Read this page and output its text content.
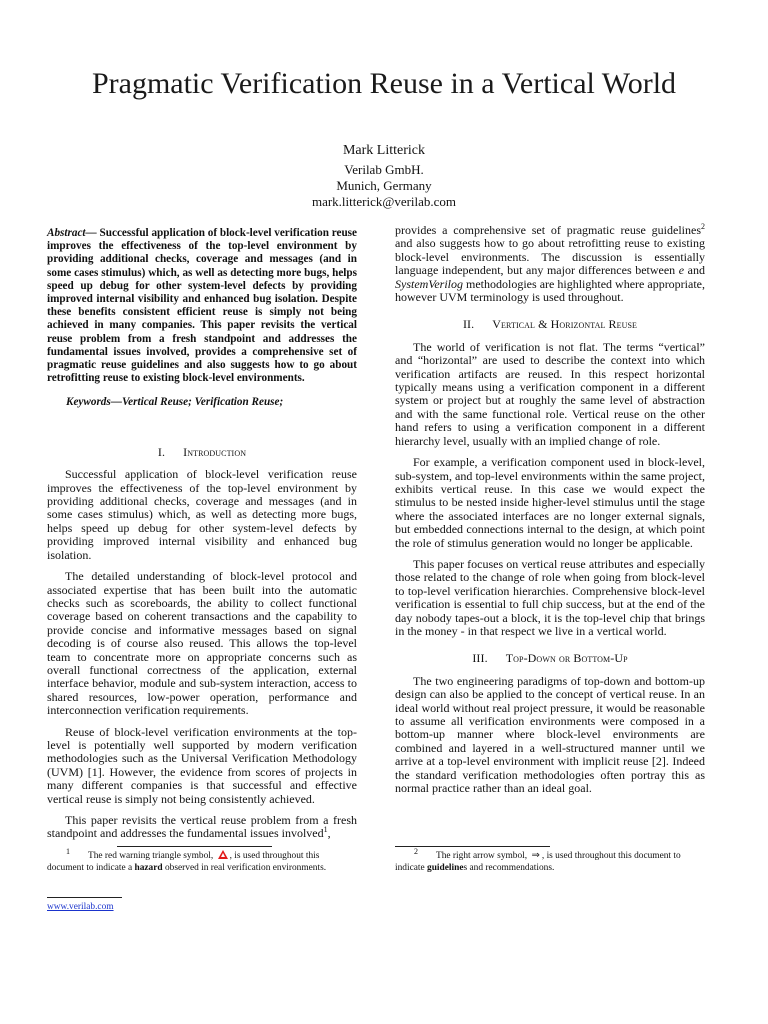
Pragmatic Verification Reuse in a Vertical World
Mark Litterick
Verilab GmbH.
Munich, Germany
mark.litterick@verilab.com

Abstract— Successful application of block-level verification reuse improves the effectiveness of the top-level environment by providing additional checks, coverage and messages (and in some cases stimulus) which, as well as detecting more bugs, helps speed up debug for other system-level defects by providing improved internal visibility and enhanced bug isolation. Despite these benefits consistent efficient reuse is simply not being achieved in many companies. This paper revisits the vertical reuse problem from a fresh standpoint and addresses the fundamental issues involved, provides a comprehensive set of pragmatic reuse guidelines and also suggests how to go about retrofitting reuse to existing block-level environments.

Keywords—Vertical Reuse; Verification Reuse;

I. Introduction

Successful application of block-level verification reuse improves the effectiveness of the top-level environment by providing additional checks, coverage and messages (and in some cases stimulus) which, as well as detecting more bugs, helps speed up debug for other system-level defects by providing improved internal visibility and enhanced bug isolation.

The detailed understanding of block-level protocol and associated expertise that has been built into the automatic checks such as scoreboards, the ability to collect functional coverage based on coherent transactions and the capability to provide concise and informative messages based on signal decoding is of course also reused. This allows the top-level team to concentrate more on appropriate concerns such as overall functional correctness of the application, external interface behavior, module and sub-system interaction, access to shared resources, low-power operation, performance and interconnection verification requirements.

Reuse of block-level verification environments at the top-level is potentially well supported by modern verification methodologies such as the Universal Verification Methodology (UVM) [1]. However, the evidence from scores of projects in many different companies is that successful and effective vertical reuse is simply not being consistently achieved.

This paper revisits the vertical reuse problem from a fresh standpoint and addresses the fundamental issues involved$^1$,

provides a comprehensive set of pragmatic reuse guidelines$^2$ and also suggests how to go about retrofitting reuse to existing block-level environments. The discussion is essentially language independent, but any major differences between e and SystemVerilog methodologies are highlighted where appropriate, however UVM terminology is used throughout.

II. Vertical & Horizontal Reuse

The world of verification is not flat. The terms “vertical” and “horizontal” are used to describe the context into which verification artifacts are reused. In this respect horizontal typically means using a verification component in a different system or project but at roughly the same level of abstraction and with the same functional role. Vertical reuse on the other hand refers to using a verification component in a different hierarchy level, usually with an implied change of role.

For example, a verification component used in block-level, sub-system, and top-level environments within the same project, exhibits vertical reuse. In this case we would expect the stimulus to be nested inside higher-level stimulus until the stage where the associated interfaces are no longer external signals, but embedded connections internal to the design, at which point the role of stimulus generation would no longer be applicable.

This paper focuses on vertical reuse attributes and especially those related to the change of role when going from block-level to top-level verification hierarchies. Comprehensive block-level verification is essential to full chip success, but at the end of the day nobody tapes-out a block, it is the top-level chip that brings in the money - in that respect we live in a vertical world.

III. Top-Down or Bottom-Up

The two engineering paradigms of top-down and bottom-up design can also be applied to the concept of vertical reuse. In an ideal world without real project pressure, it would be reasonable to assume all verification environments were composed in a bottom-up manner where block-level environments are combined and layered in a well-structured manner until we arrive at a top-level environment with implicit reuse [2]. Indeed the standard verification methodologies often portray this as normal practice rather than an ideal goal.

$^1$ The red warning triangle symbol, , is used throughout this document to indicate a hazard observed in real verification environments.
$^2$ The right arrow symbol, ⇒ , is used throughout this document to indicate guidelines and recommendations.
www.verilab.com
